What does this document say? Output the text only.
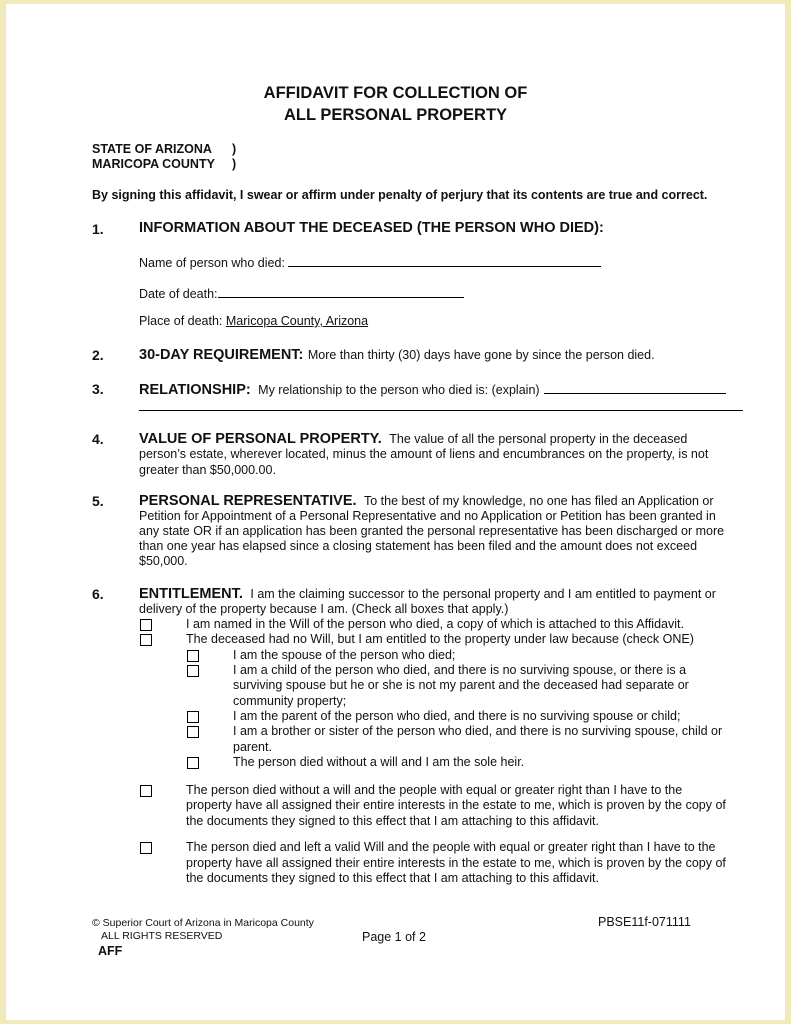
AFFIDAVIT FOR COLLECTION OF
ALL PERSONAL PROPERTY
STATE OF ARIZONA )
MARICOPA COUNTY )
By signing this affidavit, I swear or affirm under penalty of perjury that its contents are true and correct.
1. INFORMATION ABOUT THE DECEASED (THE PERSON WHO DIED):
Name of person who died:
Date of death:
Place of death: Maricopa County, Arizona
2. 30-DAY REQUIREMENT: More than thirty (30) days have gone by since the person died.
3. RELATIONSHIP: My relationship to the person who died is: (explain)
4. VALUE OF PERSONAL PROPERTY. The value of all the personal property in the deceased
person’s estate, wherever located, minus the amount of liens and encumbrances on the property, is not
greater than $50,000.00.
5. PERSONAL REPRESENTATIVE. To the best of my knowledge, no one has filed an Application or
Petition for Appointment of a Personal Representative and no Application or Petition has been granted in
any state OR if an application has been granted the personal representative has been discharged or more
than one year has elapsed since a closing statement has been filed and the amount does not exceed
$50,000.
6. ENTITLEMENT. I am the claiming successor to the personal property and I am entitled to payment or
delivery of the property because I am. (Check all boxes that apply.)
I am named in the Will of the person who died, a copy of which is attached to this Affidavit.
The deceased had no Will, but I am entitled to the property under law because (check ONE)
I am the spouse of the person who died;
I am a child of the person who died, and there is no surviving spouse, or there is a
surviving spouse but he or she is not my parent and the deceased had separate or
community property;
I am the parent of the person who died, and there is no surviving spouse or child;
I am a brother or sister of the person who died, and there is no surviving spouse, child or
parent.
The person died without a will and I am the sole heir.
The person died without a will and the people with equal or greater right than I have to the
property have all assigned their entire interests in the estate to me, which is proven by the copy of
the documents they signed to this effect that I am attaching to this affidavit.
The person died and left a valid Will and the people with equal or greater right than I have to the
property have all assigned their entire interests in the estate to me, which is proven by the copy of
the documents they signed to this effect that I am attaching to this affidavit.
© Superior Court of Arizona in Maricopa County
ALL RIGHTS RESERVED
AFF
PBSE11f-071111
Page 1 of 2
